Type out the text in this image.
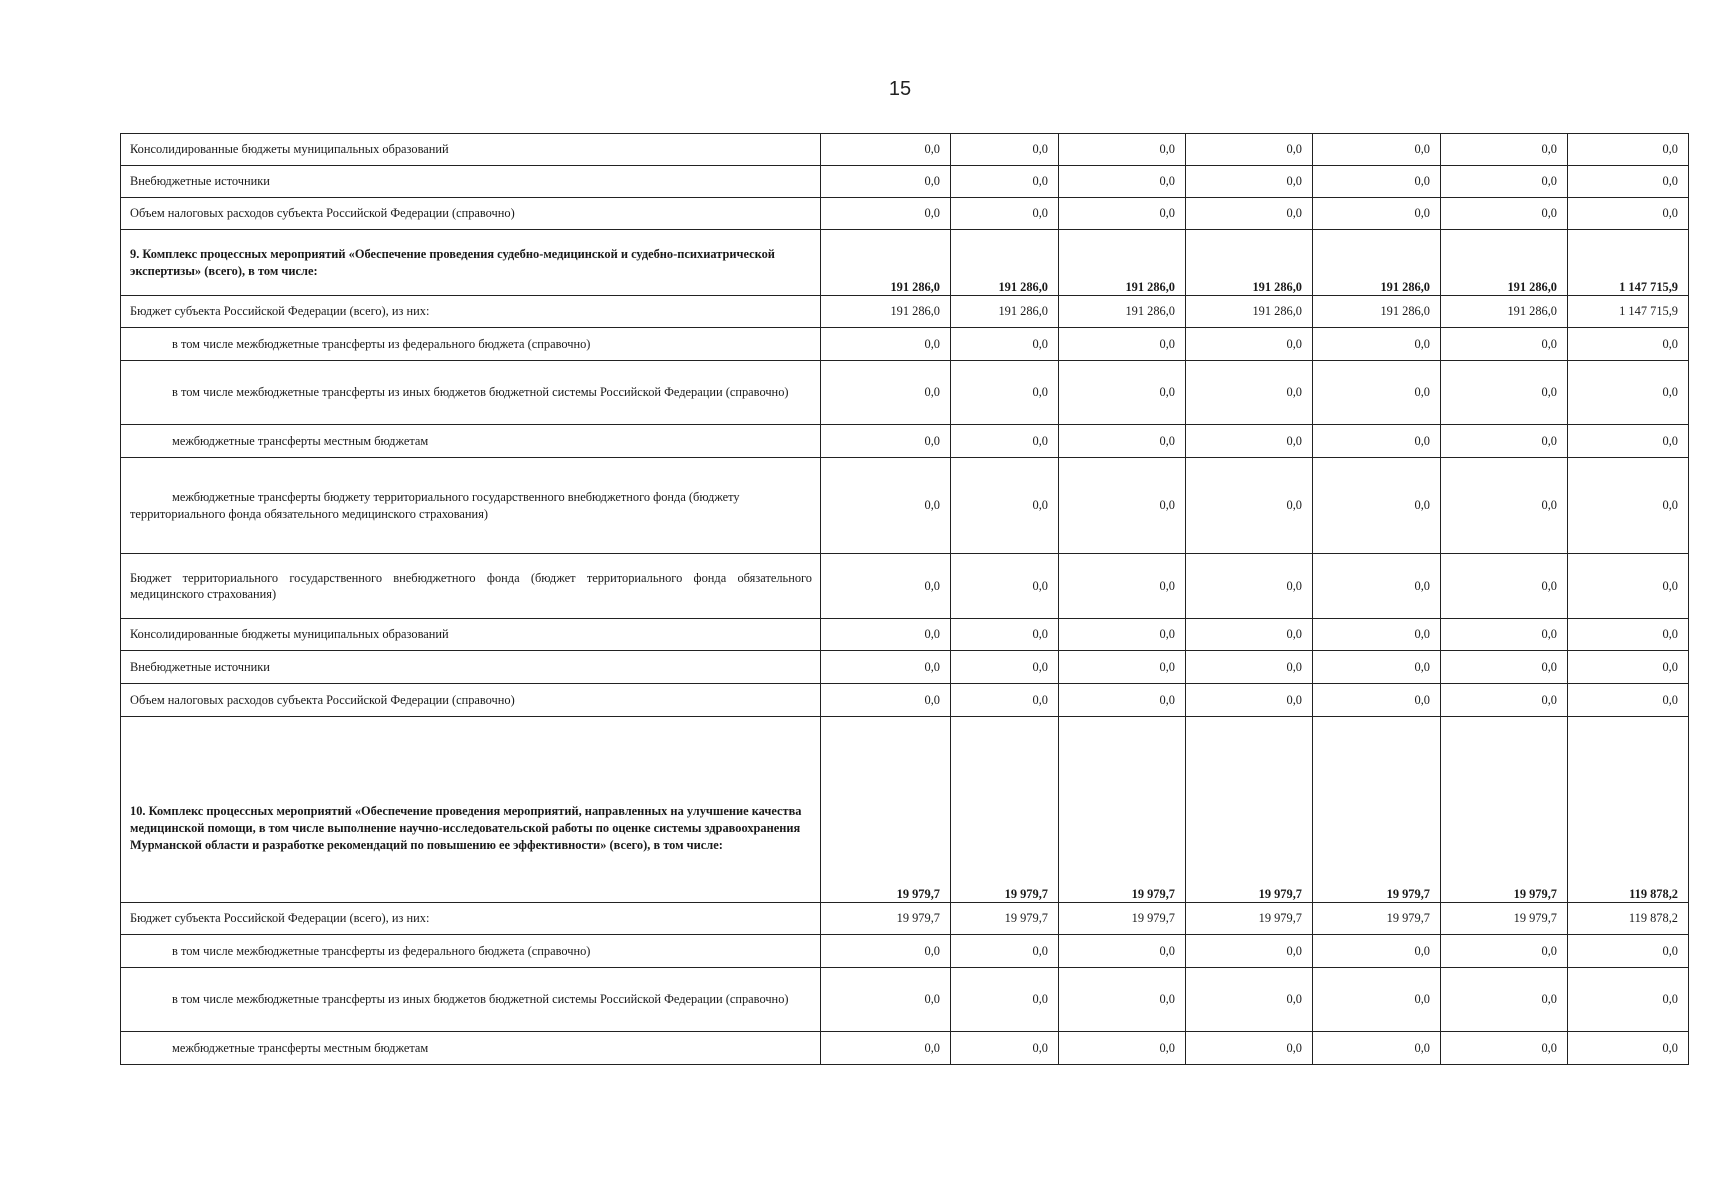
15
Консолидированные бюджеты муниципальных образований	0,0	0,0	0,0	0,0	0,0	0,0	0,0
Внебюджетные источники	0,0	0,0	0,0	0,0	0,0	0,0	0,0
Объем налоговых расходов субъекта Российской Федерации (справочно)	0,0	0,0	0,0	0,0	0,0	0,0	0,0
9. Комплекс процессных мероприятий «Обеспечение проведения судебно-медицинской и судебно-психиатрической экспертизы» (всего), в том числе:	191 286,0	191 286,0	191 286,0	191 286,0	191 286,0	191 286,0	1 147 715,9
Бюджет субъекта Российской Федерации (всего), из них:	191 286,0	191 286,0	191 286,0	191 286,0	191 286,0	191 286,0	1 147 715,9
в том числе межбюджетные трансферты из федерального бюджета (справочно)	0,0	0,0	0,0	0,0	0,0	0,0	0,0
в том числе межбюджетные трансферты из иных бюджетов бюджетной системы Российской Федерации (справочно)	0,0	0,0	0,0	0,0	0,0	0,0	0,0
межбюджетные трансферты местным бюджетам	0,0	0,0	0,0	0,0	0,0	0,0	0,0
межбюджетные трансферты бюджету территориального государственного внебюджетного фонда (бюджету территориального фонда обязательного медицинского страхования)	0,0	0,0	0,0	0,0	0,0	0,0	0,0
Бюджет территориального государственного внебюджетного фонда (бюджет территориального фонда обязательного медицинского страхования)	0,0	0,0	0,0	0,0	0,0	0,0	0,0
Консолидированные бюджеты муниципальных образований	0,0	0,0	0,0	0,0	0,0	0,0	0,0
Внебюджетные источники	0,0	0,0	0,0	0,0	0,0	0,0	0,0
Объем налоговых расходов субъекта Российской Федерации (справочно)	0,0	0,0	0,0	0,0	0,0	0,0	0,0
10. Комплекс процессных мероприятий «Обеспечение проведения мероприятий, направленных на улучшение качества медицинской помощи, в том числе выполнение научно-исследовательской работы по оценке системы здравоохранения Мурманской области и разработке рекомендаций по повышению ее эффективности» (всего), в том числе:	19 979,7	19 979,7	19 979,7	19 979,7	19 979,7	19 979,7	119 878,2
Бюджет субъекта Российской Федерации (всего), из них:	19 979,7	19 979,7	19 979,7	19 979,7	19 979,7	19 979,7	119 878,2
в том числе межбюджетные трансферты из федерального бюджета (справочно)	0,0	0,0	0,0	0,0	0,0	0,0	0,0
в том числе межбюджетные трансферты из иных бюджетов бюджетной системы Российской Федерации (справочно)	0,0	0,0	0,0	0,0	0,0	0,0	0,0
межбюджетные трансферты местным бюджетам	0,0	0,0	0,0	0,0	0,0	0,0	0,0
